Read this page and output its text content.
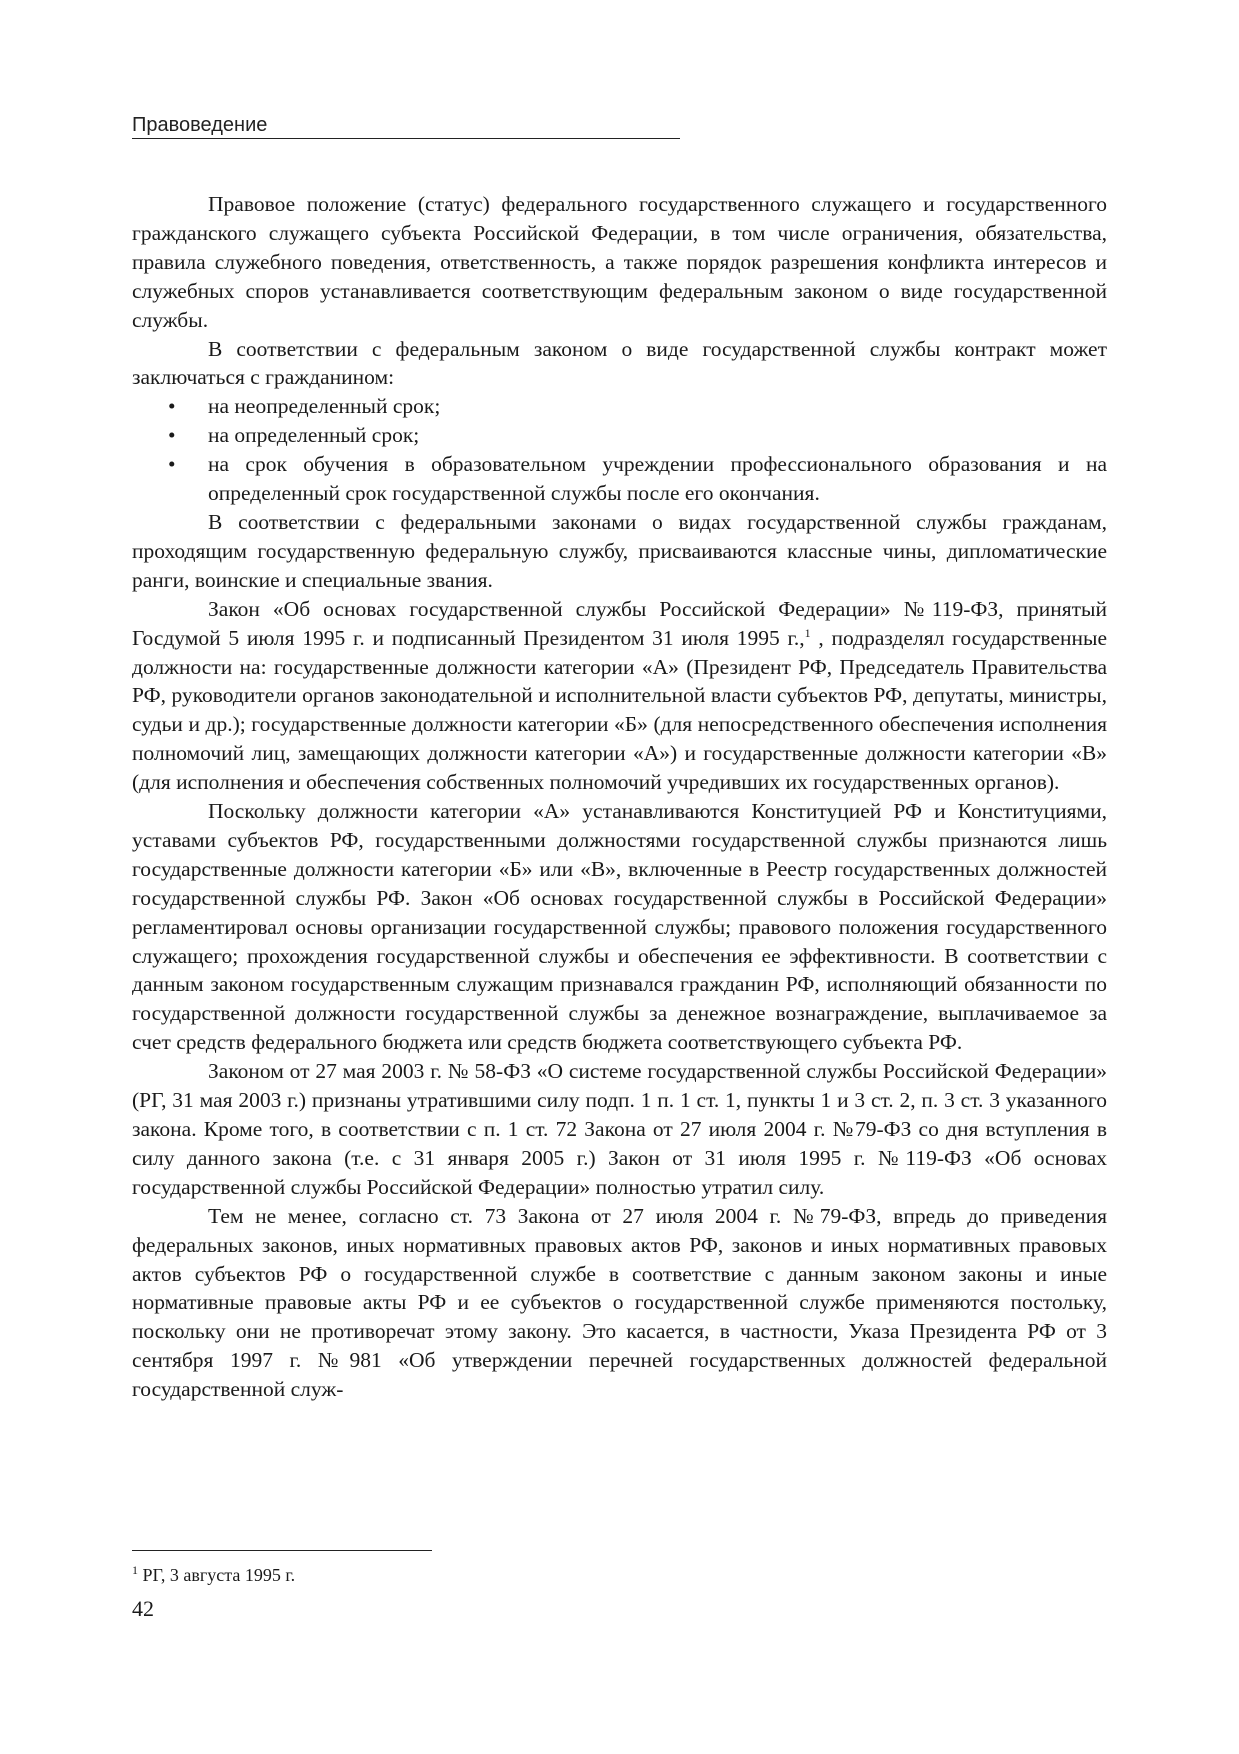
Правоведение

Правовое положение (статус) федерального государственного служащего и государственного гражданского служащего субъекта Российской Федерации, в том числе ограничения, обязательства, правила служебного поведения, ответственность, а также порядок разрешения конфликта интересов и служебных споров устанавливается соответствующим федеральным законом о виде государственной службы.

В соответствии с федеральным законом о виде государственной службы контракт может заключаться с гражданином:

• на неопределенный срок;
• на определенный срок;
• на срок обучения в образовательном учреждении профессионального образования и на определенный срок государственной службы после его окончания.

В соответствии с федеральными законами о видах государственной службы гражданам, проходящим государственную федеральную службу, присваиваются классные чины, дипломатические ранги, воинские и специальные звания.

Закон «Об основах государственной службы Российской Федерации» №119-ФЗ, принятый Госдумой 5 июля 1995 г. и подписанный Президентом 31 июля 1995 г.,$^1$ , подразделял государственные должности на: государственные должности категории «А» (Президент РФ, Председатель Правительства РФ, руководители органов законодательной и исполнительной власти субъектов РФ, депутаты, министры, судьи и др.); государственные должности категории «Б» (для непосредственного обеспечения исполнения полномочий лиц, замещающих должности категории «А») и государственные должности категории «В» (для исполнения и обеспечения собственных полномочий учредивших их государственных органов).

Поскольку должности категории «А» устанавливаются Конституцией РФ и Конституциями, уставами субъектов РФ, государственными должностями государственной службы признаются лишь государственные должности категории «Б» или «В», включенные в Реестр государственных должностей государственной службы РФ. Закон «Об основах государственной службы в Российской Федерации» регламентировал основы организации государственной службы; правового положения государственного служащего; прохождения государственной службы и обеспечения ее эффективности. В соответствии с данным законом государственным служащим признавался гражданин РФ, исполняющий обязанности по государственной должности государственной службы за денежное вознаграждение, выплачиваемое за счет средств федерального бюджета или средств бюджета соответствующего субъекта РФ.

Законом от 27 мая 2003 г. № 58-ФЗ «О системе государственной службы Российской Федерации» (РГ, 31 мая 2003 г.) признаны утратившими силу подп. 1 п. 1 ст. 1, пункты 1 и 3 ст. 2, п. 3 ст. 3 указанного закона. Кроме того, в соответствии с п. 1 ст. 72 Закона от 27 июля 2004 г. №79-ФЗ со дня вступления в силу данного закона (т.е. с 31 января 2005 г.) Закон от 31 июля 1995 г. №119-ФЗ «Об основах государственной службы Российской Федерации» полностью утратил силу.

Тем не менее, согласно ст. 73 Закона от 27 июля 2004 г. №79-ФЗ, впредь до приведения федеральных законов, иных нормативных правовых актов РФ, законов и иных нормативных правовых актов субъектов РФ о государственной службе в соответствие с данным законом законы и иные нормативные правовые акты РФ и ее субъектов о государственной службе применяются постольку, поскольку они не противоречат этому закону. Это касается, в частности, Указа Президента РФ от 3 сентября 1997 г. №981 «Об утверждении перечней государственных должностей федеральной государственной служ-

$^1$ РГ, 3 августа 1995 г.
42
